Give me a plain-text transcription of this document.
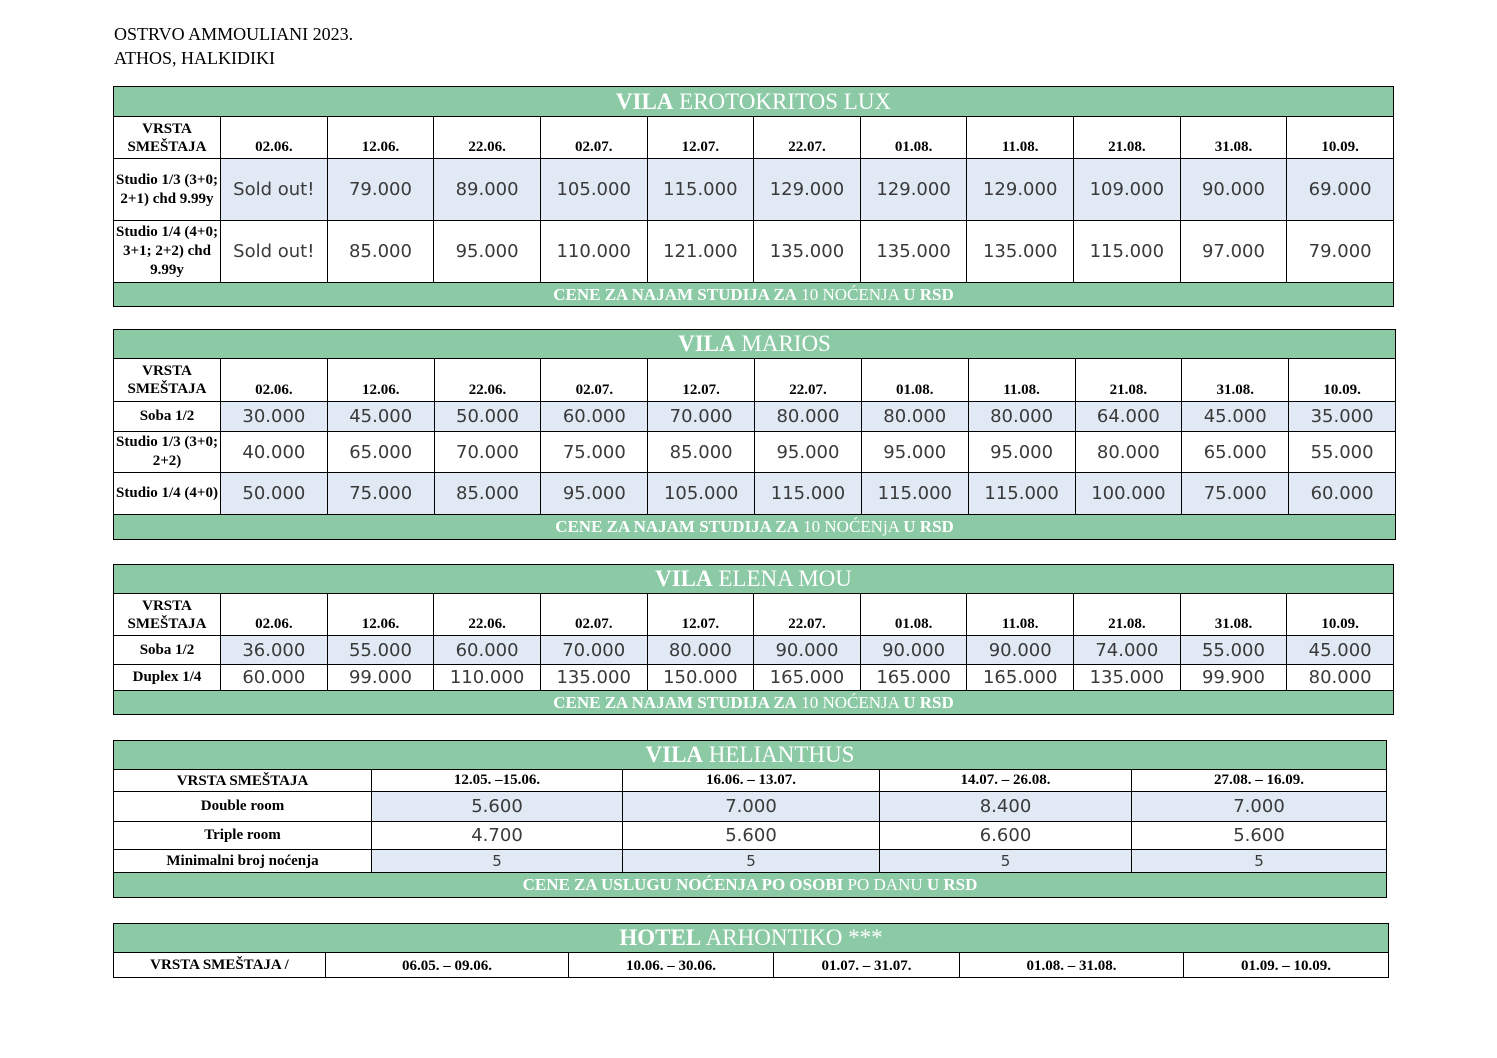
OSTRVO AMMOULIANI 2023.
ATHOS, HALKIDIKI
VILA EROTOKRITOS LUX											
VRSTA SMEŠTAJA	02.06.	12.06.	22.06.	02.07.	12.07.	22.07.	01.08.	11.08.	21.08.	31.08.	10.09.
Studio 1/3 (3+0; 2+1) chd 9.99y	Sold out!	79.000	89.000	105.000	115.000	129.000	129.000	129.000	109.000	90.000	69.000
Studio 1/4 (4+0; 3+1; 2+2) chd 9.99y	Sold out!	85.000	95.000	110.000	121.000	135.000	135.000	135.000	115.000	97.000	79.000
CENE ZA NAJAM STUDIJA ZA 10 NOĆENJA U RSD											
VILA MARIOS											
VRSTA SMEŠTAJA	02.06.	12.06.	22.06.	02.07.	12.07.	22.07.	01.08.	11.08.	21.08.	31.08.	10.09.
Soba 1/2	30.000	45.000	50.000	60.000	70.000	80.000	80.000	80.000	64.000	45.000	35.000
Studio 1/3 (3+0; 2+2)	40.000	65.000	70.000	75.000	85.000	95.000	95.000	95.000	80.000	65.000	55.000
Studio 1/4 (4+0)	50.000	75.000	85.000	95.000	105.000	115.000	115.000	115.000	100.000	75.000	60.000
CENE ZA NAJAM STUDIJA ZA 10 NOĆENjA U RSD											
VILA ELENA MOU											
VRSTA SMEŠTAJA	02.06.	12.06.	22.06.	02.07.	12.07.	22.07.	01.08.	11.08.	21.08.	31.08.	10.09.
Soba 1/2	36.000	55.000	60.000	70.000	80.000	90.000	90.000	90.000	74.000	55.000	45.000
Duplex 1/4	60.000	99.000	110.000	135.000	150.000	165.000	165.000	165.000	135.000	99.900	80.000
CENE ZA NAJAM STUDIJA ZA 10 NOĆENJA U RSD											
VILA HELIANTHUS				
VRSTA SMEŠTAJA	12.05. –15.06.	16.06. – 13.07.	14.07. – 26.08.	27.08. – 16.09.
Double room	5.600	7.000	8.400	7.000
Triple room	4.700	5.600	6.600	5.600
Minimalni broj noćenja	5	5	5	5
CENE ZA USLUGU NOĆENJA PO OSOBI PO DANU U RSD				
HOTEL ARHONTIKO ***
VRSTA SMEŠTAJA /	06.05. – 09.06.	10.06. – 30.06.	01.07. – 31.07.	01.08. – 31.08.	01.09. – 10.09.
